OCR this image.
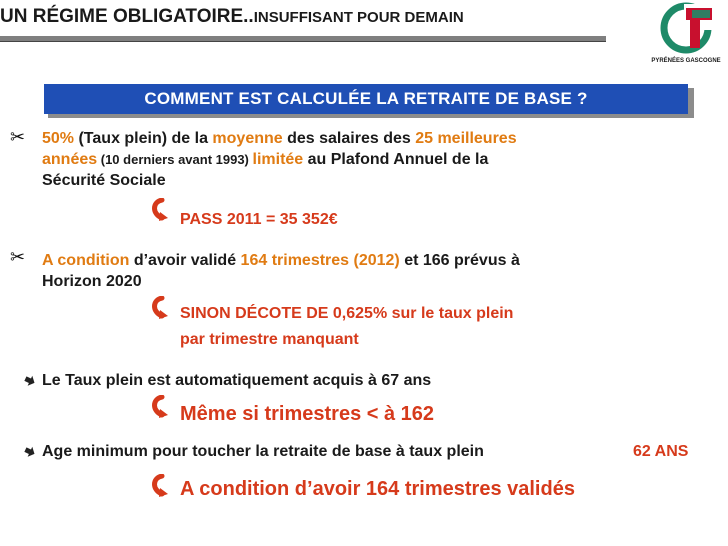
UN RÉGIME OBLIGATOIRE..INSUFFISANT POUR DEMAIN
PYRÉNÉES GASCOGNE
COMMENT EST CALCULÉE LA RETRAITE DE BASE ?
✂ 50% (Taux plein) de la moyenne des salaires des 25 meilleures
années (10 derniers avant 1993) limitée au Plafond Annuel de la
Sécurité Sociale
PASS 2011 = 35 352€
✂ A condition d’avoir validé 164 trimestres (2012) et 166 prévus à
Horizon 2020
SINON DÉCOTE DE 0,625% sur le taux plein
par trimestre manquant
Le Taux plein est automatiquement acquis à 67 ans
Même si trimestres < à 162
Age minimum pour toucher la retraite de base à taux plein	62 ANS
A condition d’avoir 164 trimestres validés
